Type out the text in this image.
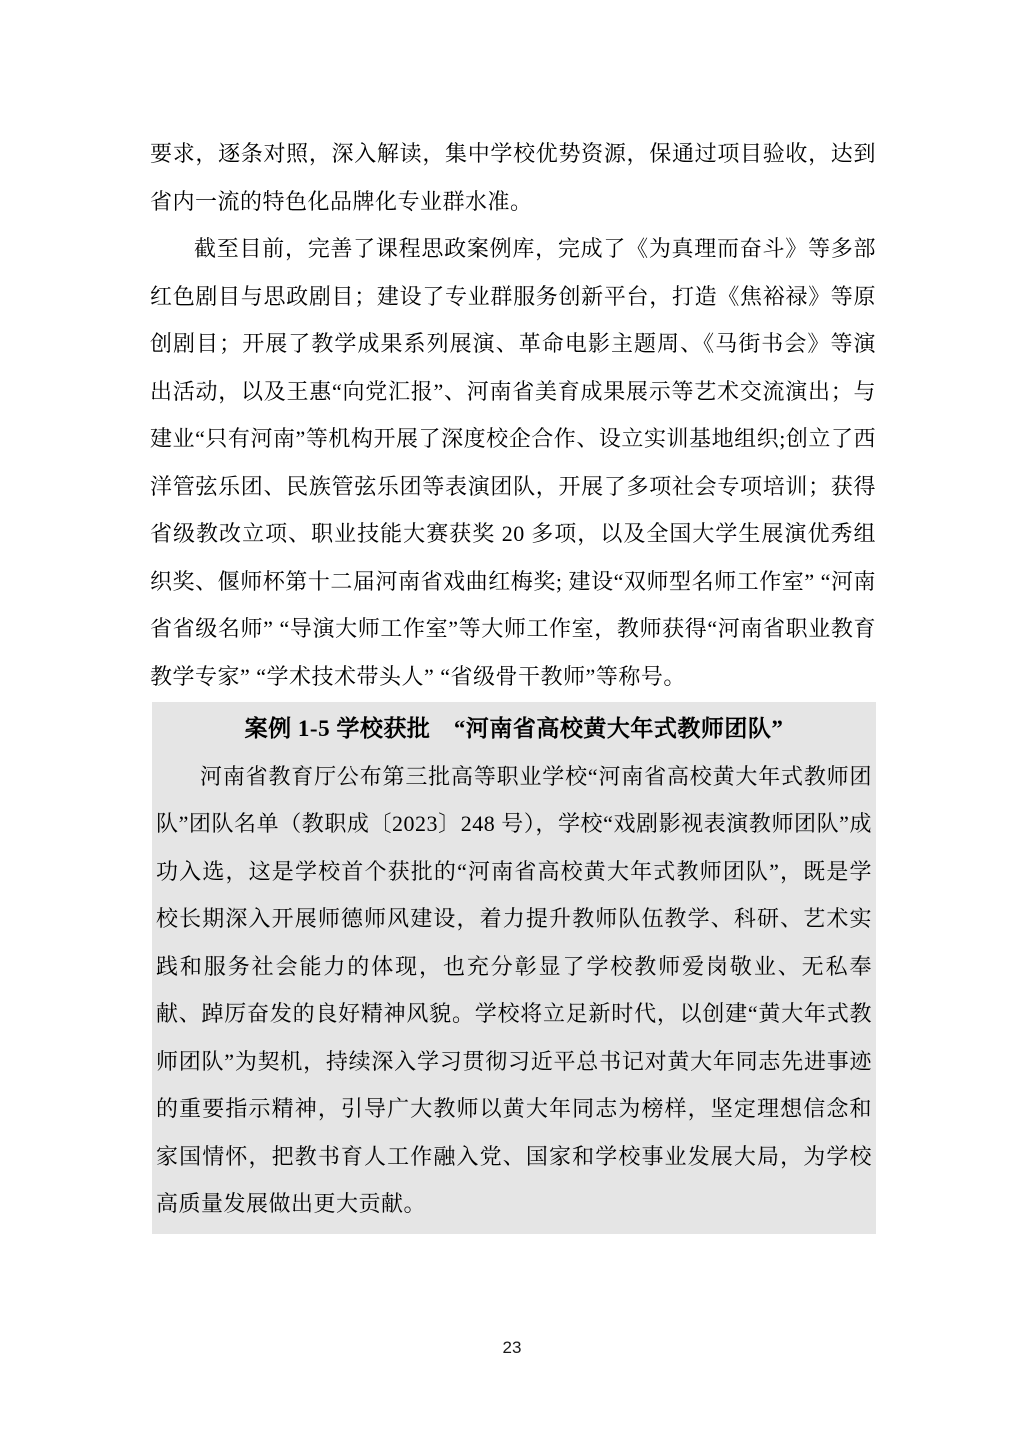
要求，逐条对照，深入解读，集中学校优势资源，保通过项目验收，达到省内一流的特色化品牌化专业群水准。

截至目前，完善了课程思政案例库，完成了《为真理而奋斗》等多部红色剧目与思政剧目；建设了专业群服务创新平台，打造《焦裕禄》等原创剧目；开展了教学成果系列展演、革命电影主题周、《马街书会》等演出活动，以及王惠“向党汇报”、河南省美育成果展示等艺术交流演出；与建业“只有河南”等机构开展了深度校企合作、设立实训基地组织;创立了西洋管弦乐团、民族管弦乐团等表演团队，开展了多项社会专项培训；获得省级教改立项、职业技能大赛获奖 20 多项，以及全国大学生展演优秀组织奖、偃师杯第十二届河南省戏曲红梅奖; 建设“双师型名师工作室” “河南省省级名师” “导演大师工作室”等大师工作室，教师获得“河南省职业教育教学专家” “学术技术带头人” “省级骨干教师”等称号。

案例 1-5 学校获批　“河南省高校黄大年式教师团队”

河南省教育厅公布第三批高等职业学校“河南省高校黄大年式教师团队”团队名单（教职成〔2023〕248 号），学校“戏剧影视表演教师团队”成功入选，这是学校首个获批的“河南省高校黄大年式教师团队”，既是学校长期深入开展师德师风建设，着力提升教师队伍教学、科研、艺术实践和服务社会能力的体现，也充分彰显了学校教师爱岗敬业、无私奉献、踔厉奋发的良好精神风貌。学校将立足新时代，以创建“黄大年式教师团队”为契机，持续深入学习贯彻习近平总书记对黄大年同志先进事迹的重要指示精神，引导广大教师以黄大年同志为榜样，坚定理想信念和家国情怀，把教书育人工作融入党、国家和学校事业发展大局，为学校高质量发展做出更大贡献。

23
